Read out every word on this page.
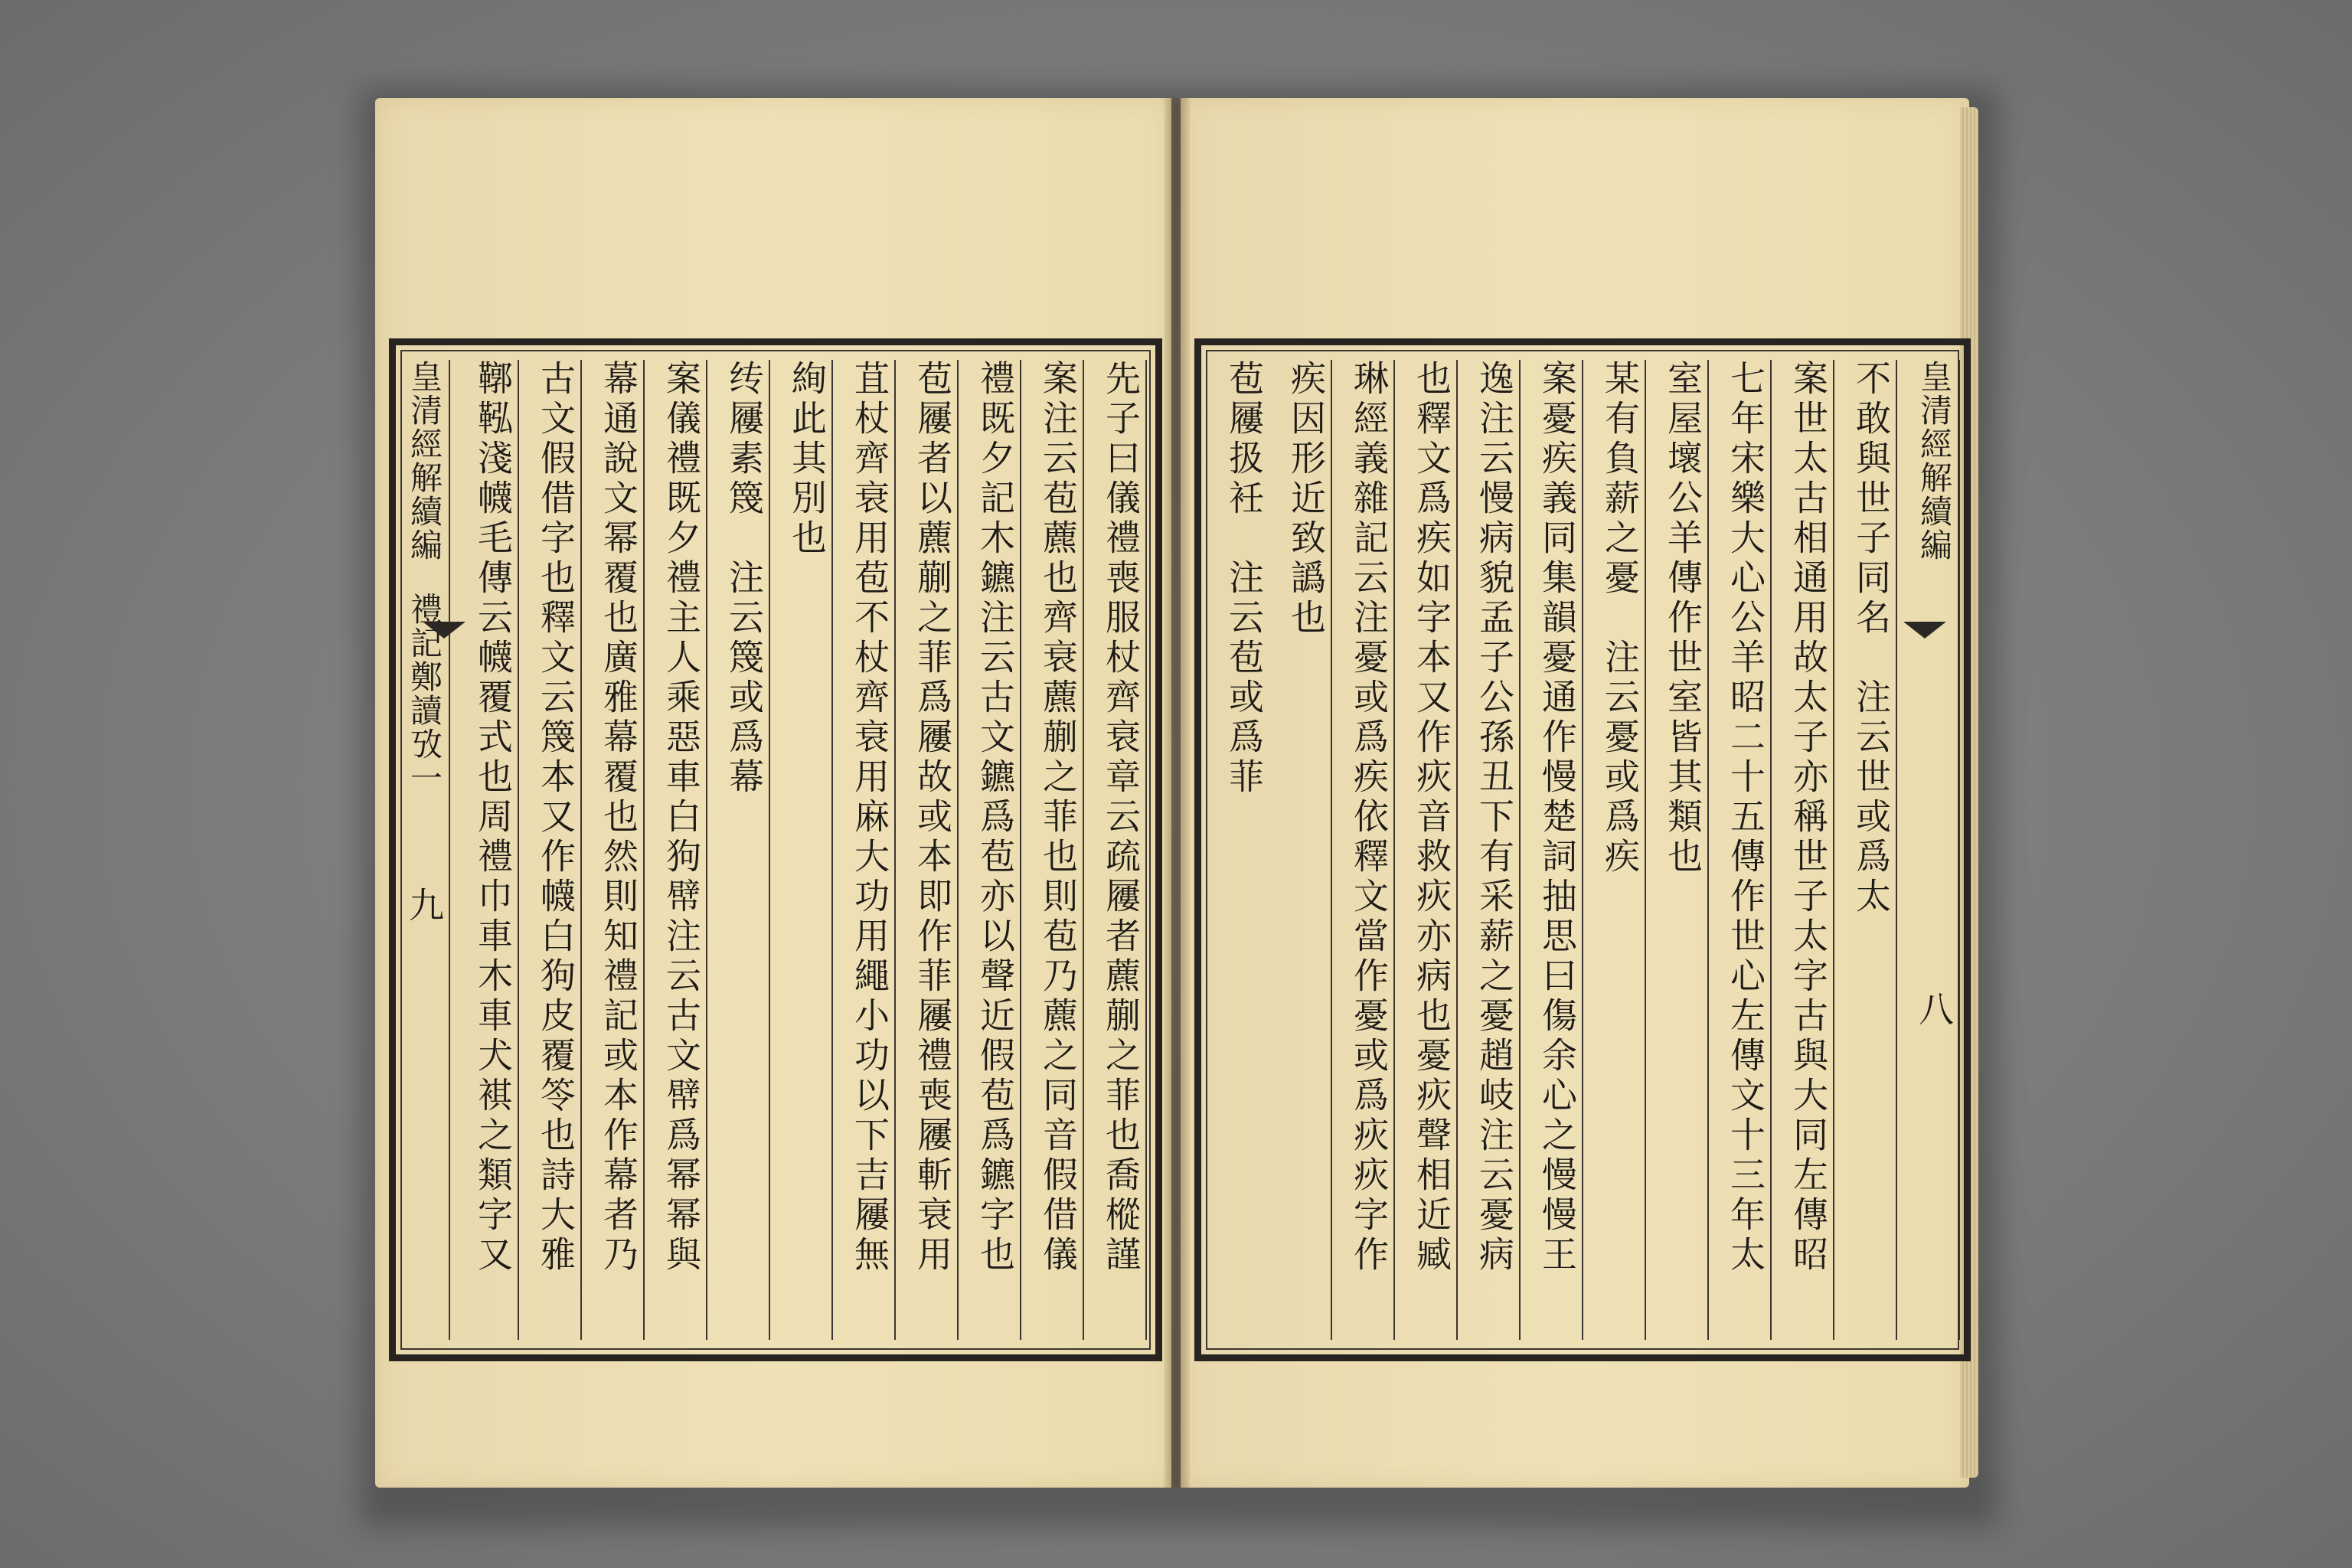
皇清經解續編
禮記鄭讀攷一
九	先子曰儀禮喪服杖齊衰章云疏屨者藨蒯之菲也喬樅謹
案注云苞藨也齊衰藨蒯之菲也則苞乃藨之同音假借儀
禮既夕記木鑣注云古文鑣爲苞亦以聲近假苞爲鑣字也
苞屨者以藨蒯之菲爲屨故或本即作菲屨禮喪屨斬衰用
苴杖齊衰用苞不杖齊衰用麻大功用繩小功以下吉屨無
絢此其別也
䌸屨素篾　注云篾或爲幕
案儀禮既夕禮主人乘惡車白狗幦注云古文幦爲幂幂與
幕通說文幂覆也廣雅幕覆也然則知禮記或本作幕者乃
古文假借字也釋文云篾本又作幭白狗皮覆笭也詩大雅
鞹鞃淺幭毛傳云幭覆式也周禮巾車木車犬褀之類字又	皇清經解續編
八
不敢與世子同名　注云世或爲太
案世太古相通用故太子亦稱世子太字古與大同左傳昭
七年宋樂大心公羊昭二十五傳作世心左傳文十三年太
室屋壞公羊傳作世室皆其類也
某有負薪之憂　注云憂或爲疾
案憂疾義同集韻憂通作慢楚詞抽思曰傷余心之慢慢王
逸注云慢病貌孟子公孫丑下有采薪之憂趙岐注云憂病
也釋文爲疾如字本又作疢音救疢亦病也憂疢聲相近臧
琳經義雜記云注憂或爲疾依釋文當作憂或爲疢疢字作
疾因形近致譌也
苞屨扱衽　注云苞或爲菲
